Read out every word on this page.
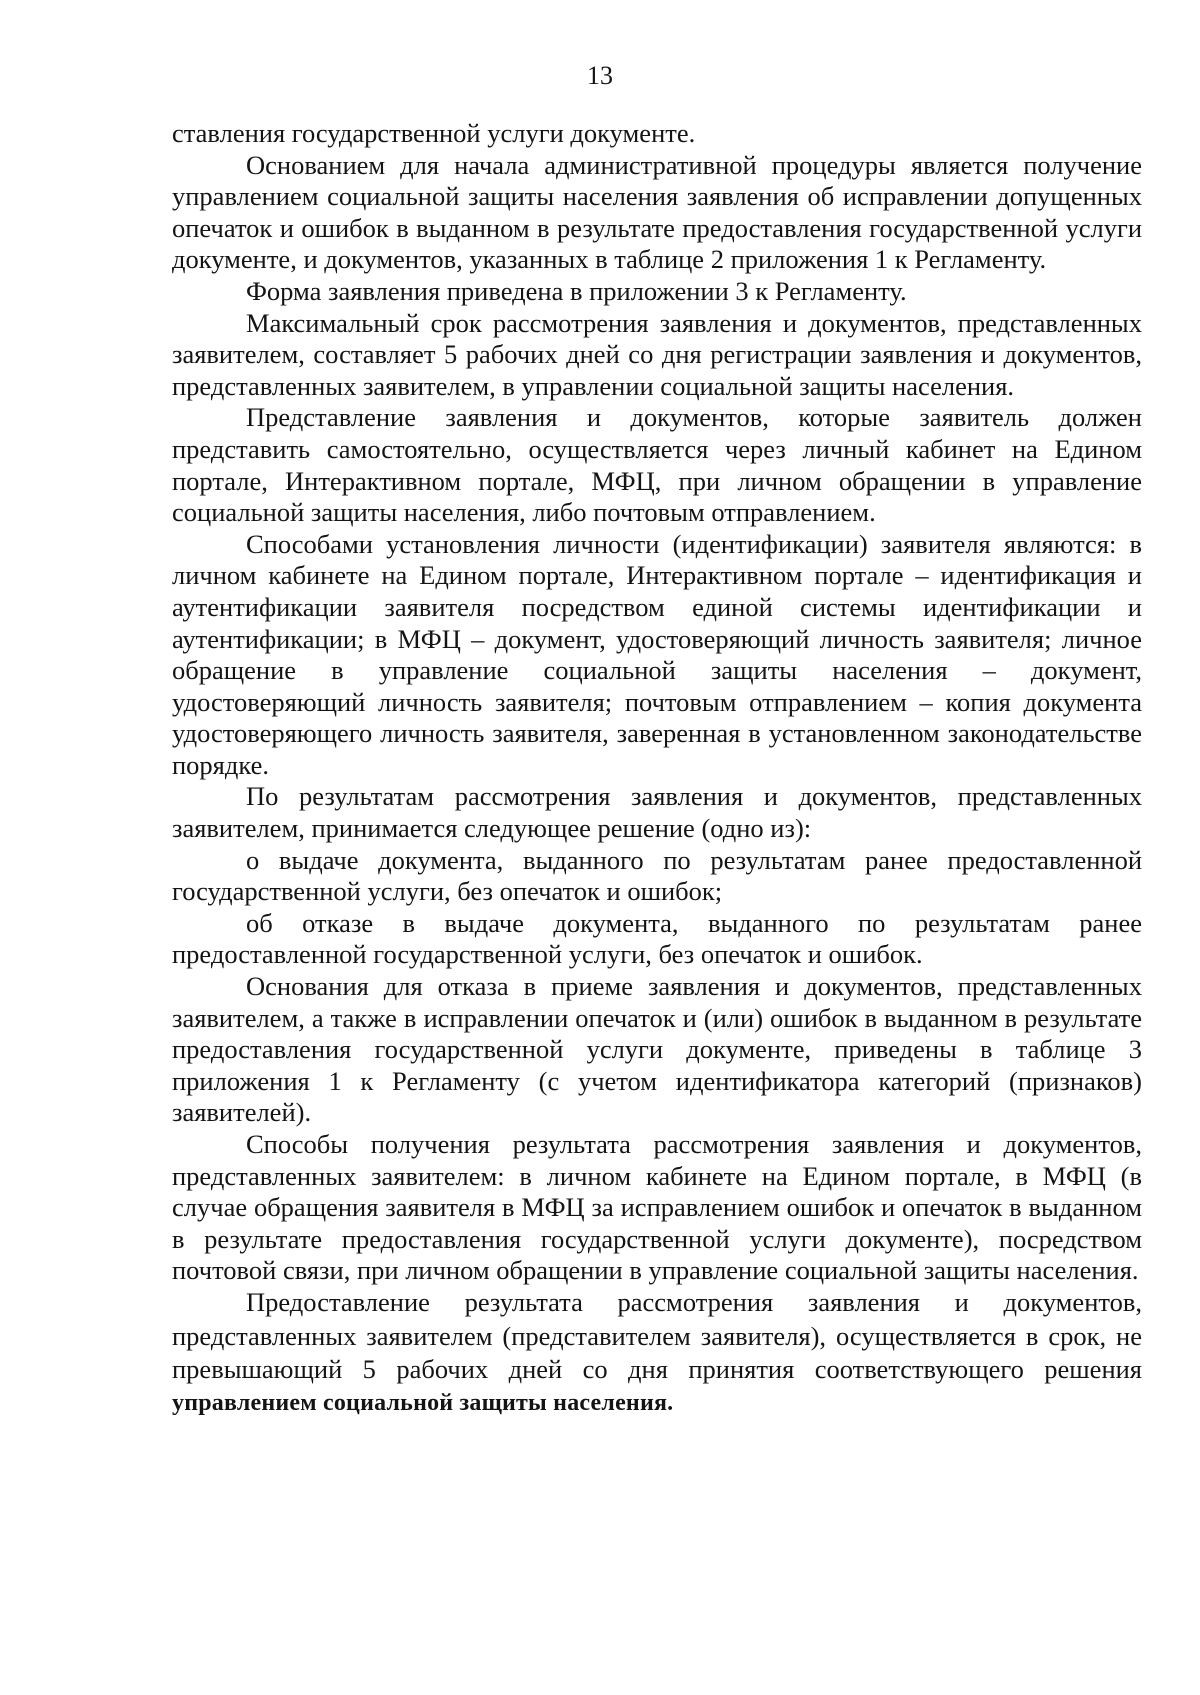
13

ставления государственной услуги документе.

Основанием для начала административной процедуры является получение управлением социальной защиты населения заявления об исправлении допущенных опечаток и ошибок в выданном в результате предоставления государственной услуги документе, и документов, указанных в таблице 2 приложения 1 к Регламенту.

Форма заявления приведена в приложении 3 к Регламенту.

Максимальный срок рассмотрения заявления и документов, представленных заявителем, составляет 5 рабочих дней со дня регистрации заявления и документов, представленных заявителем, в управлении социальной защиты населения.

Представление заявления и документов, которые заявитель должен представить самостоятельно, осуществляется через личный кабинет на Едином портале, Интерактивном портале, МФЦ, при личном обращении в управление социальной защиты населения, либо почтовым отправлением.

Способами установления личности (идентификации) заявителя являются: в личном кабинете на Едином портале, Интерактивном портале – идентификация и аутентификации заявителя посредством единой системы идентификации и аутентификации; в МФЦ – документ, удостоверяющий личность заявителя; личное обращение в управление социальной защиты населения – документ, удостоверяющий личность заявителя; почтовым отправлением – копия документа удостоверяющего личность заявителя, заверенная в установленном законодательстве порядке.

По результатам рассмотрения заявления и документов, представленных заявителем, принимается следующее решение (одно из):

о выдаче документа, выданного по результатам ранее предоставленной государственной услуги, без опечаток и ошибок;

об отказе в выдаче документа, выданного по результатам ранее предоставленной государственной услуги, без опечаток и ошибок.

Основания для отказа в приеме заявления и документов, представленных заявителем, а также в исправлении опечаток и (или) ошибок в выданном в результате предоставления государственной услуги документе, приведены в таблице 3 приложения 1 к Регламенту (с учетом идентификатора категорий (признаков) заявителей).

Способы получения результата рассмотрения заявления и документов, представленных заявителем: в личном кабинете на Едином портале, в МФЦ (в случае обращения заявителя в МФЦ за исправлением ошибок и опечаток в выданном в результате предоставления государственной услуги документе), посредством почтовой связи, при личном обращении в управление социальной защиты населения.

Предоставление результата рассмотрения заявления и документов, представленных заявителем (представителем заявителя), осуществляется в срок, не превышающий 5 рабочих дней со дня принятия соответствующего решения управлением социальной защиты населения.
